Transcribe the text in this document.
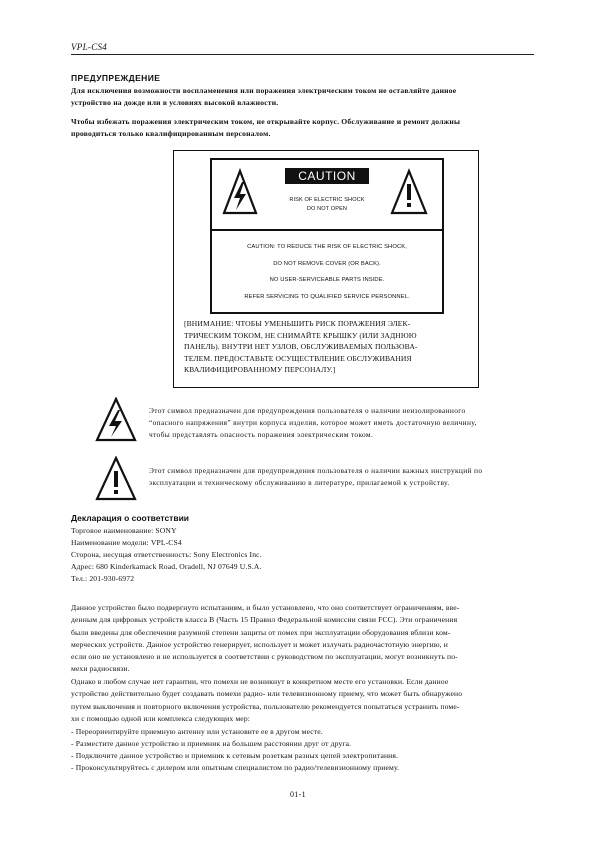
VPL-CS4
ПРЕДУПРЕЖДЕНИЕ
Для исключения возможности воспламенения или поражения электрическим током не оставляйте данное
устройство на дожде или в условиях высокой влажности.
Чтобы избежать поражения электрическим током, не открывайте корпус. Обслуживание и ремонт должны
проводиться только квалифицированным персоналом.
CAUTION
RISK OF ELECTRIC SHOCK
DO NOT OPEN
CAUTION: TO REDUCE THE RISK OF ELECTRIC SHOCK,
DO NOT REMOVE COVER (OR BACK).
NO USER-SERVICEABLE PARTS INSIDE.
REFER SERVICING TO QUALIFIED SERVICE PERSONNEL.
[ВНИМАНИЕ: ЧТОБЫ УМЕНЬШИТЬ РИСК ПОРАЖЕНИЯ ЭЛЕК-
ТРИЧЕСКИМ ТОКОМ, НЕ СНИМАЙТЕ КРЫШКУ (ИЛИ ЗАДНЮЮ
ПАНЕЛЬ). ВНУТРИ НЕТ УЗЛОВ, ОБСЛУЖИВАЕМЫХ ПОЛЬЗОВА-
ТЕЛЕМ. ПРЕДОСТАВЬТЕ ОСУЩЕСТВЛЕНИЕ ОБСЛУЖИВАНИЯ
КВАЛИФИЦИРОВАННОМУ ПЕРСОНАЛУ.]
Этот символ предназначен для предупреждения пользователя о наличии неизолированного
“опасного напряжения” внутри корпуса изделия, которое может иметь достаточную величину,
чтобы представлять опасность поражения электрическим током.
Этот символ предназначен для предупреждения пользователя о наличии важных инструкций по
эксплуатации и техническому обслуживанию в литературе, прилагаемой к устройству.
Декларация о соответствии
Торговое наименование: SONY
Наименование модели: VPL-CS4
Сторона, несущая ответственность: Sony Electronics Inc.
Адрес: 680 Kinderkamack Road, Oradell, NJ 07649 U.S.A.
Тел.: 201-930-6972
Данное устройство было подвергнуто испытаниям, и было установлено, что оно соответствует ограничениям, вве-
денным для цифровых устройств класса B (Часть 15 Правил Федеральной комиссии связи FCC). Эти ограничения
были введены для обеспечения разумной степени защиты от помех при эксплуатации оборудования вблизи ком-
мерческих устройств. Данное устройство генерирует, использует и может излучать радиочастотную энергию, и
если оно не установлено и не используется в соответствии с руководством по эксплуатации, могут возникнуть по-
мехи радиосвязи.
Однако в любом случае нет гарантии, что помехи не возникнут в конкретном месте его установки. Если данное
устройство действительно будет создавать помехи радио- или телевизионному приему, что может быть обнаружено
путем выключения и повторного включения устройства, пользователю рекомендуется попытаться устранить поме-
хи с помощью одной или комплекса следующих мер:
- Переориентируйте приемную антенну или установите ее в другом месте.
- Разместите данное устройство и приемник на большем расстоянии друг от друга.
- Подключите данное устройство и приемник к сетевым розеткам разных цепей электропитания.
- Проконсультируйтесь с дилером или опытным специалистом по радио/телевизионному приему.
01-1
